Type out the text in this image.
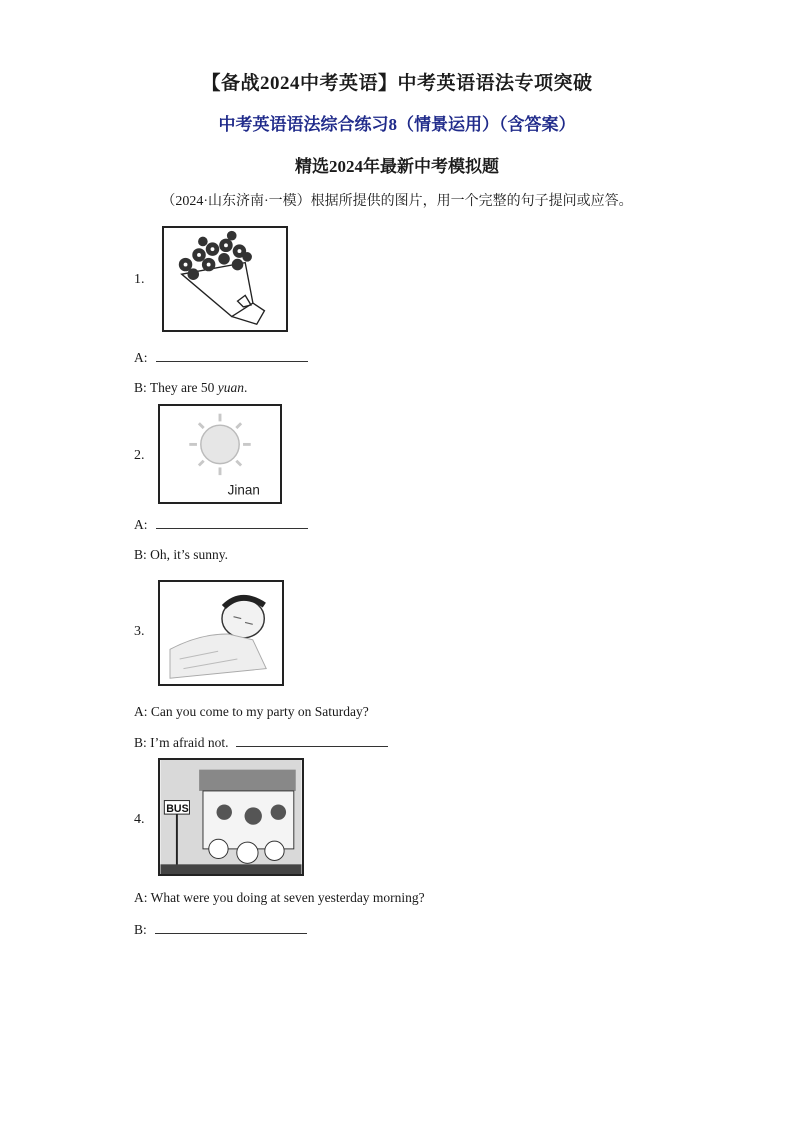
【备战2024中考英语】中考英语语法专项突破
中考英语语法综合练习8（情景运用）（含答案）
精选2024年最新中考模拟题
（2024·山东济南·一模）根据所提供的图片，用一个完整的句子提问或应答。
1.
A:
B: They are 50 yuan.
Jinan
2.
A:
B: Oh, it’s sunny.
3.
A: Can you come to my party on Saturday?
B: I’m afraid not.
BUS
4.
A: What were you doing at seven yesterday morning?
B:
